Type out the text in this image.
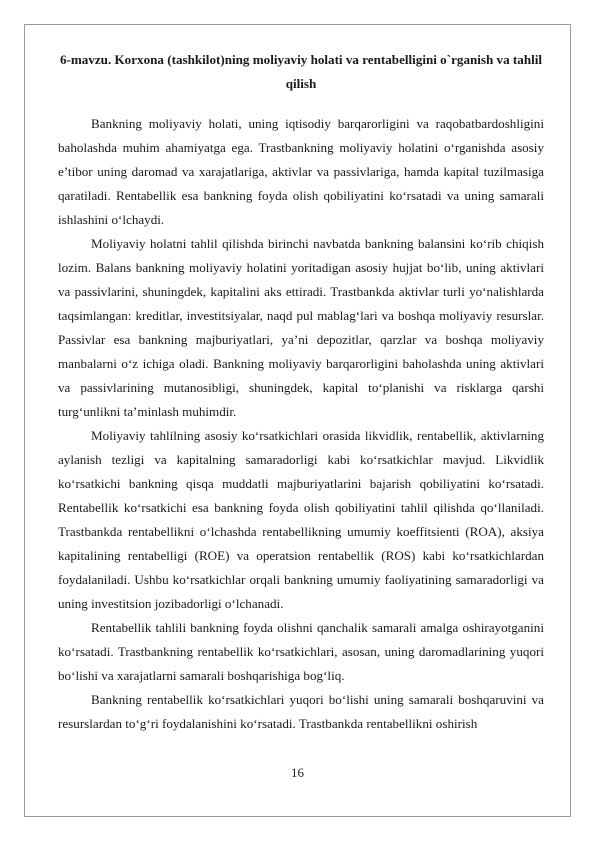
6-mavzu. Korxona (tashkilot)ning moliyaviy holati va rentabelligini o`rganish va tahlil qilish

Bankning moliyaviy holati, uning iqtisodiy barqarorligini va raqobatbardoshligini baholashda muhim ahamiyatga ega. Trastbankning moliyaviy holatini o‘rganishda asosiy e’tibor uning daromad va xarajatlariga, aktivlar va passivlariga, hamda kapital tuzilmasiga qaratiladi. Rentabellik esa bankning foyda olish qobiliyatini ko‘rsatadi va uning samarali ishlashini o‘lchaydi.

Moliyaviy holatni tahlil qilishda birinchi navbatda bankning balansini ko‘rib chiqish lozim. Balans bankning moliyaviy holatini yoritadigan asosiy hujjat bo‘lib, uning aktivlari va passivlarini, shuningdek, kapitalini aks ettiradi. Trastbankda aktivlar turli yo‘nalishlarda taqsimlangan: kreditlar, investitsiyalar, naqd pul mablag‘lari va boshqa moliyaviy resurslar. Passivlar esa bankning majburiyatlari, ya’ni depozitlar, qarzlar va boshqa moliyaviy manbalarni o‘z ichiga oladi. Bankning moliyaviy barqarorligini baholashda uning aktivlari va passivlarining mutanosibligi, shuningdek, kapital to‘planishi va risklarga qarshi turg‘unlikni ta’minlash muhimdir.

Moliyaviy tahlilning asosiy ko‘rsatkichlari orasida likvidlik, rentabellik, aktivlarning aylanish tezligi va kapitalning samaradorligi kabi ko‘rsatkichlar mavjud. Likvidlik ko‘rsatkichi bankning qisqa muddatli majburiyatlarini bajarish qobiliyatini ko‘rsatadi. Rentabellik ko‘rsatkichi esa bankning foyda olish qobiliyatini tahlil qilishda qo‘llaniladi. Trastbankda rentabellikni o‘lchashda rentabellikning umumiy koeffitsienti (ROA), aksiya kapitalining rentabelligi (ROE) va operatsion rentabellik (ROS) kabi ko‘rsatkichlardan foydalaniladi. Ushbu ko‘rsatkichlar orqali bankning umumiy faoliyatining samaradorligi va uning investitsion jozibadorligi o‘lchanadi.

Rentabellik tahlili bankning foyda olishni qanchalik samarali amalga oshirayotganini ko‘rsatadi. Trastbankning rentabellik ko‘rsatkichlari, asosan, uning daromadlarining yuqori bo‘lishi va xarajatlarni samarali boshqarishiga bog‘liq.

Bankning rentabellik ko‘rsatkichlari yuqori bo‘lishi uning samarali boshqaruvini va resurslardan to‘g‘ri foydalanishini ko‘rsatadi. Trastbankda rentabellikni oshirish

16
